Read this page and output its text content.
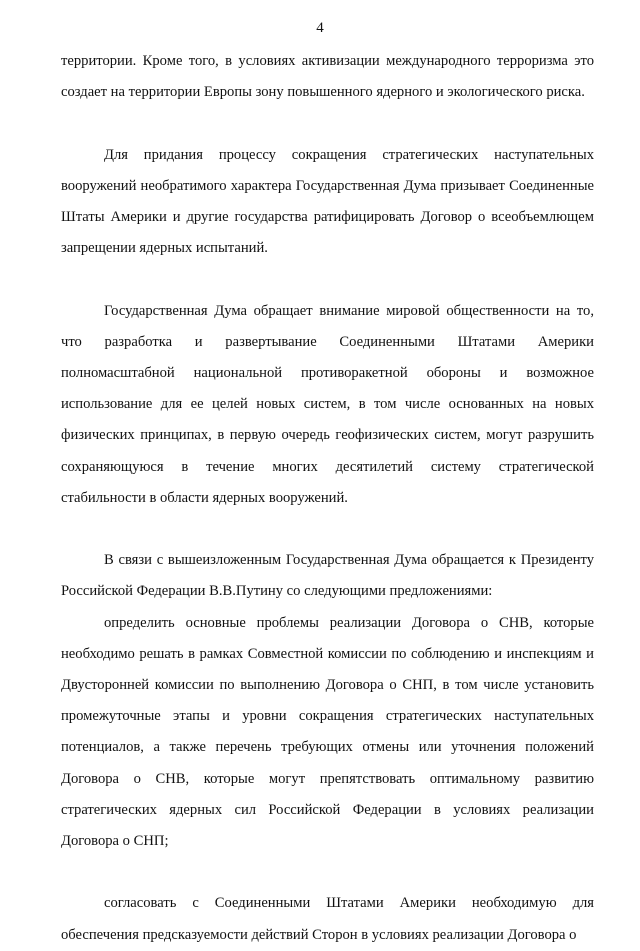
4

территории. Кроме того, в условиях активизации международного терроризма это создает на территории Европы зону повышенного ядерного и экологического риска.

Для придания процессу сокращения стратегических наступательных вооружений необратимого характера Государственная Дума призывает Соединенные Штаты Америки и другие государства ратифицировать Договор о всеобъемлющем запрещении ядерных испытаний.

Государственная Дума обращает внимание мировой общественности на то, что разработка и развертывание Соединенными Штатами Америки полномасштабной национальной противоракетной обороны и возможное использование для ее целей новых систем, в том числе основанных на новых физических принципах, в первую очередь геофизических систем, могут разрушить сохраняющуюся в течение многих десятилетий систему стратегической стабильности в области ядерных вооружений.

В связи с вышеизложенным Государственная Дума обращается к Президенту Российской Федерации В.В.Путину со следующими предложениями:

определить основные проблемы реализации Договора о СНВ, которые необходимо решать в рамках Совместной комиссии по соблюдению и инспекциям и Двусторонней комиссии по выполнению Договора о СНП, в том числе установить промежуточные этапы и уровни сокращения стратегических наступательных потенциалов, а также перечень требующих отмены или уточнения положений Договора о СНВ, которые могут препятствовать оптимальному развитию стратегических ядерных сил Российской Федерации в условиях реализации Договора о СНП;

согласовать с Соединенными Штатами Америки необходимую для обеспечения предсказуемости действий Сторон в условиях реализации Договора о
